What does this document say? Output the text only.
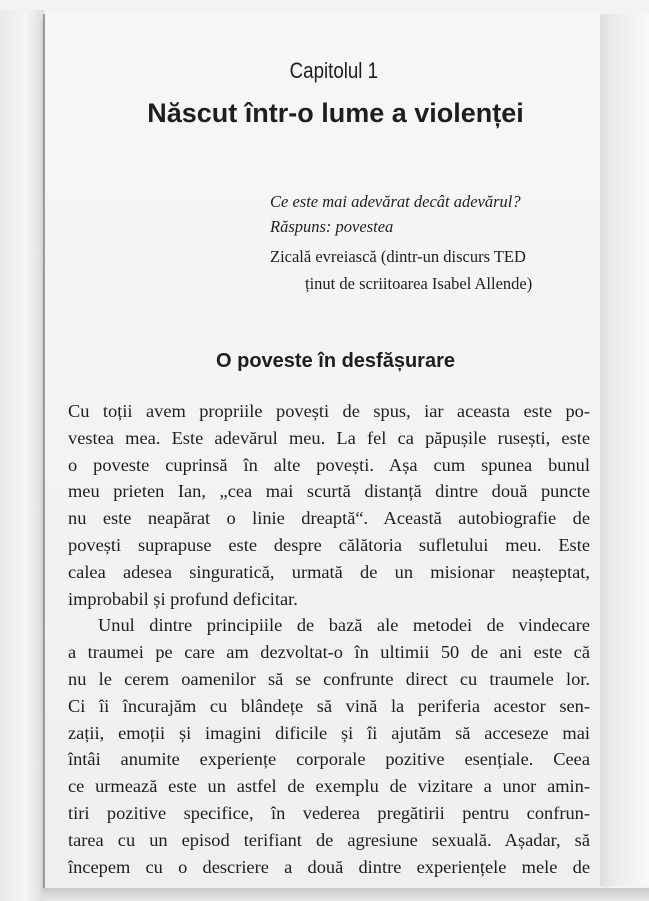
Capitolul 1
Născut într-o lume a violenței
Ce este mai adevărat decât adevărul?
Răspuns: povestea
Zicală evreiască (dintr-un discurs TED
ținut de scriitoarea Isabel Allende)
O poveste în desfășurare
Cu toții avem propriile povești de spus, iar aceasta este po-
vestea mea. Este adevărul meu. La fel ca păpușile rusești, este
o poveste cuprinsă în alte povești. Așa cum spunea bunul
meu prieten Ian, „cea mai scurtă distanță dintre două puncte
nu este neapărat o linie dreaptă“. Această autobiografie de
povești suprapuse este despre călătoria sufletului meu. Este
calea adesea singuratică, urmată de un misionar neașteptat,
improbabil și profund deficitar.
Unul dintre principiile de bază ale metodei de vindecare
a traumei pe care am dezvoltat-o în ultimii 50 de ani este că
nu le cerem oamenilor să se confrunte direct cu traumele lor.
Ci îi încurajăm cu blândețe să vină la periferia acestor sen-
zații, emoții și imagini dificile și îi ajutăm să acceseze mai
întâi anumite experiențe corporale pozitive esențiale. Ceea
ce urmează este un astfel de exemplu de vizitare a unor amin-
tiri pozitive specifice, în vederea pregătirii pentru confrun-
tarea cu un episod terifiant de agresiune sexuală. Așadar, să
începem cu o descriere a două dintre experiențele mele de
